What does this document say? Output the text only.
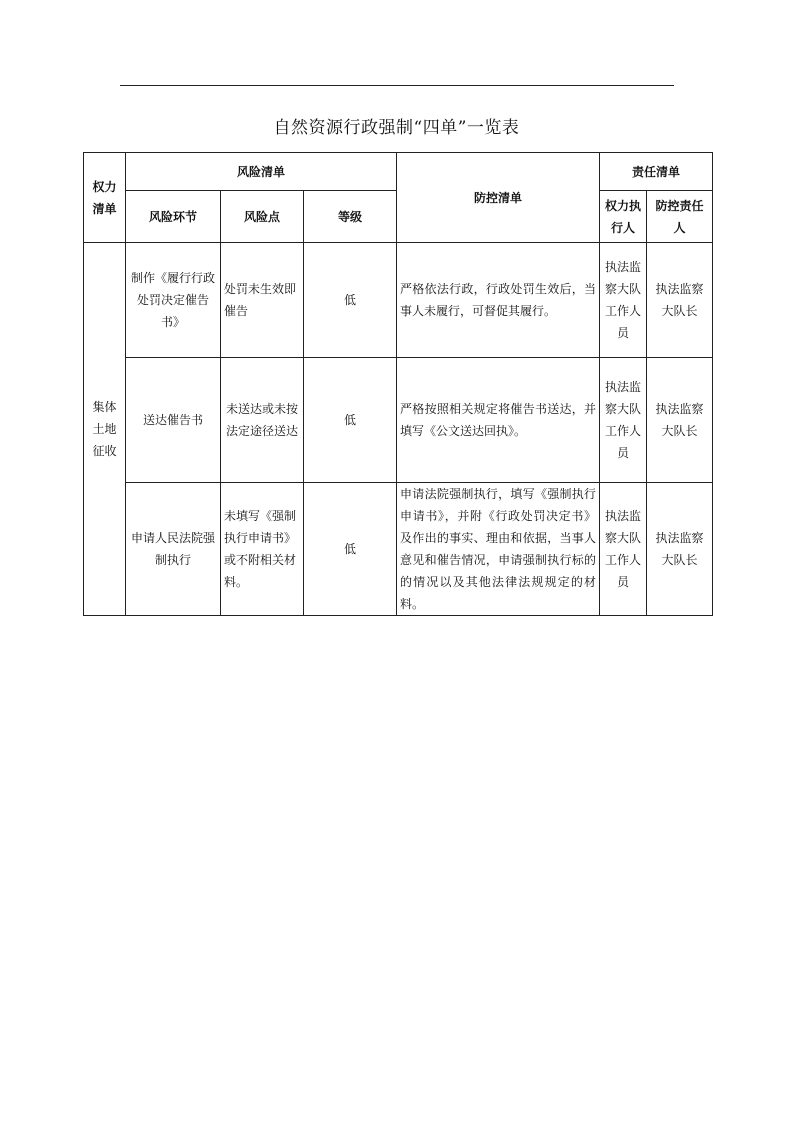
自然资源行政强制“四单”一览表
权力清单	风险清单			防控清单	责任清单	
	风险环节	风险点	等级		权力执行人	防控责任人
集体土地征收	制作《履行行政处罚决定催告书》	处罚未生效即催告	低	严格依法行政，行政处罚生效后，当事人未履行，可督促其履行。	执法监察大队工作人员	执法监察大队长
	送达催告书	未送达或未按法定途径送达	低	严格按照相关规定将催告书送达，并填写《公文送达回执》。	执法监察大队工作人员	执法监察大队长
	申请人民法院强制执行	未填写《强制执行申请书》或不附相关材料。	低	申请法院强制执行，填写《强制执行申请书》，并附《行政处罚决定书》及作出的事实、理由和依据，当事人意见和催告情况，申请强制执行标的的情况以及其他法律法规规定的材料。	执法监察大队工作人员	执法监察大队长
